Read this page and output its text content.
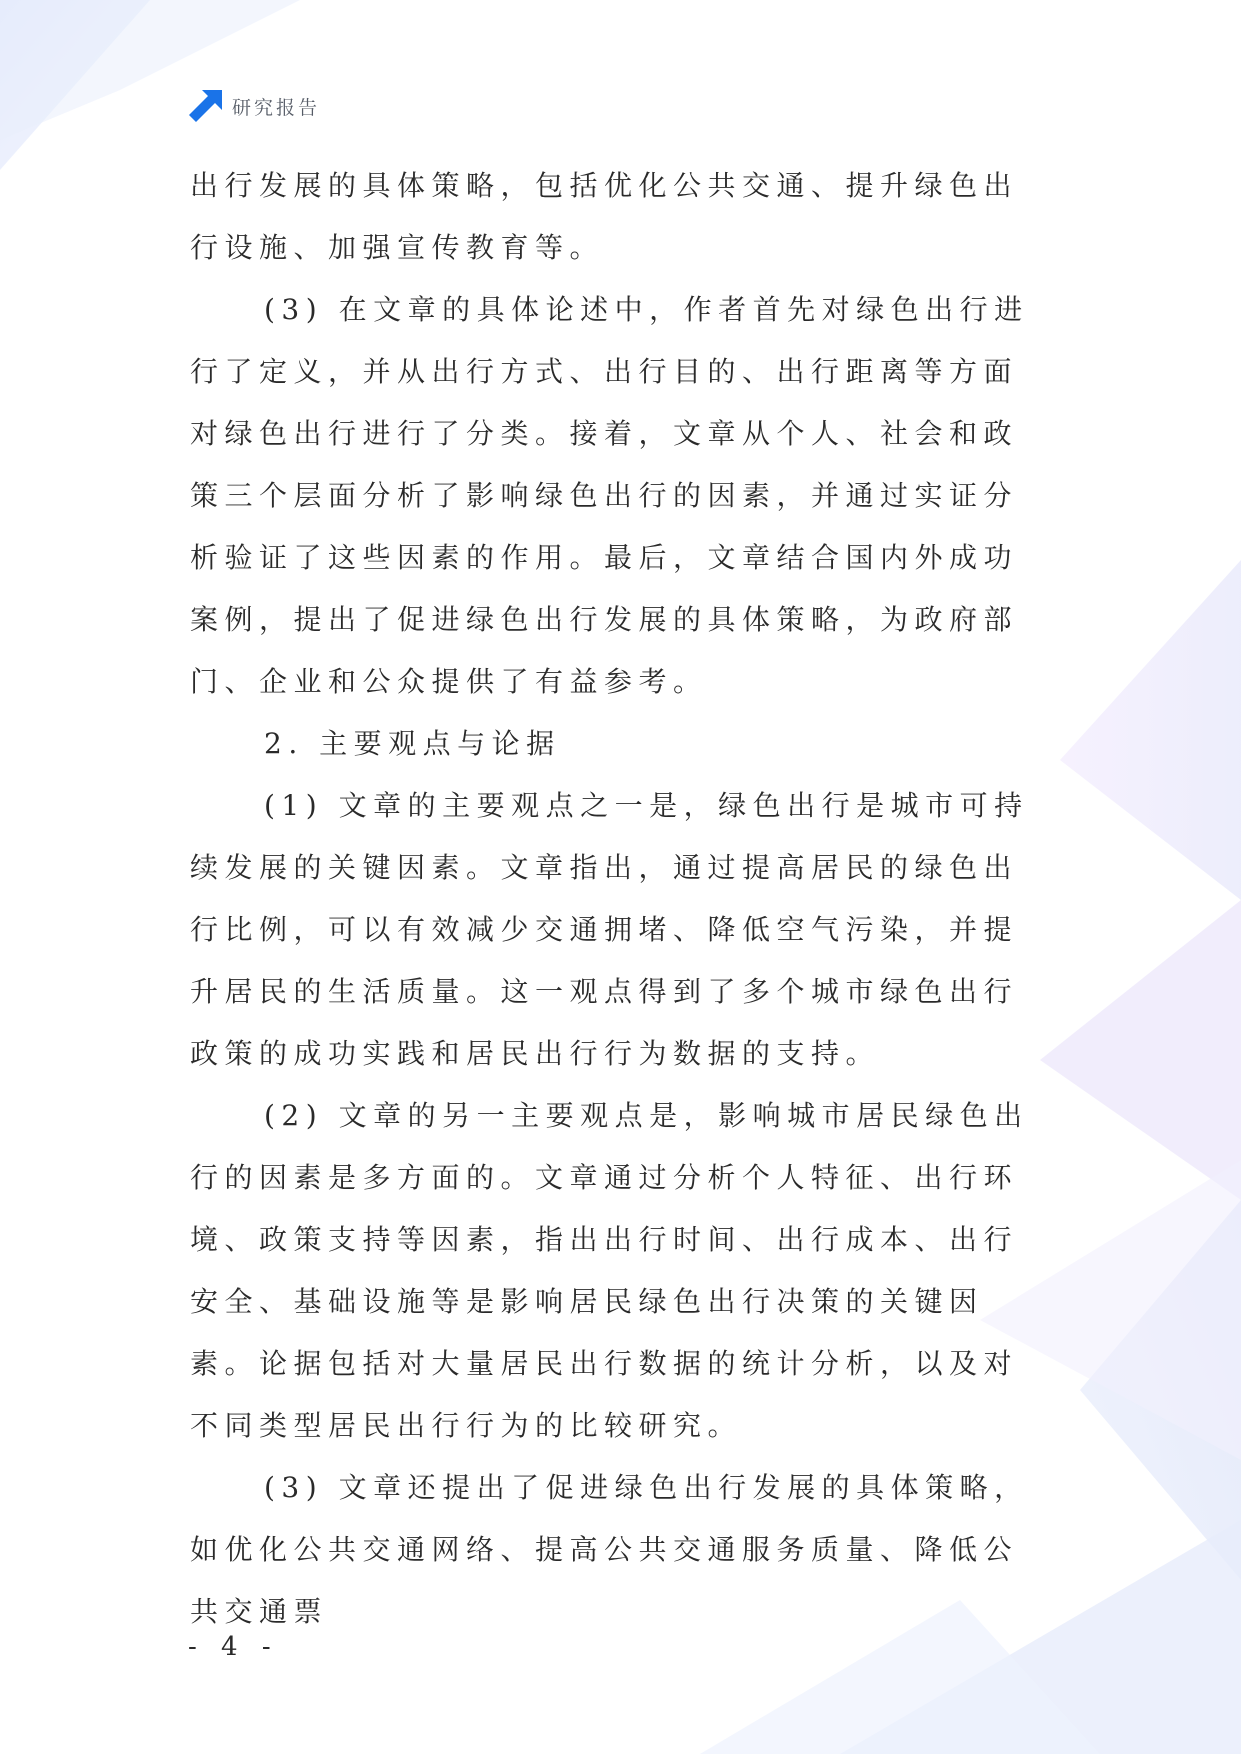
研究报告

出行发展的具体策略，包括优化公共交通、提升绿色出行设施、加强宣传教育等。

(3) 在文章的具体论述中，作者首先对绿色出行进行了定义，并从出行方式、出行目的、出行距离等方面对绿色出行进行了分类。接着，文章从个人、社会和政策三个层面分析了影响绿色出行的因素，并通过实证分析验证了这些因素的作用。最后，文章结合国内外成功案例，提出了促进绿色出行发展的具体策略，为政府部门、企业和公众提供了有益参考。

2. 主要观点与论据

(1) 文章的主要观点之一是，绿色出行是城市可持续发展的关键因素。文章指出，通过提高居民的绿色出行比例，可以有效减少交通拥堵、降低空气污染，并提升居民的生活质量。这一观点得到了多个城市绿色出行政策的成功实践和居民出行行为数据的支持。

(2) 文章的另一主要观点是，影响城市居民绿色出行的因素是多方面的。文章通过分析个人特征、出行环境、政策支持等因素，指出出行时间、出行成本、出行安全、基础设施等是影响居民绿色出行决策的关键因素。论据包括对大量居民出行数据的统计分析，以及对不同类型居民出行行为的比较研究。

(3) 文章还提出了促进绿色出行发展的具体策略，如优化公共交通网络、提高公共交通服务质量、降低公共交通票

- 4 -
